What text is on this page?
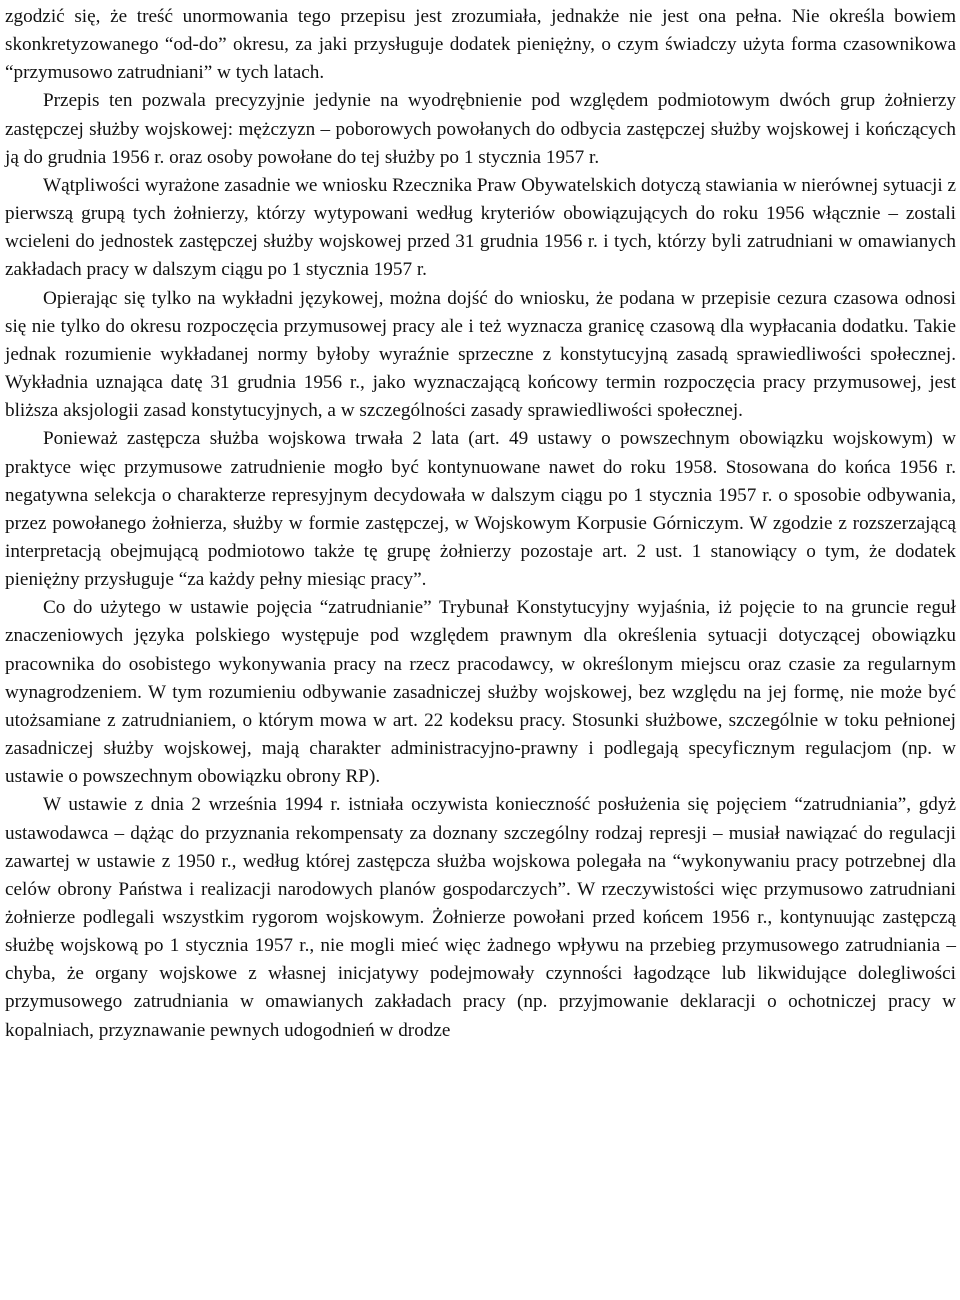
zgodzić się, że treść unormowania tego przepisu jest zrozumiała, jednakże nie jest ona pełna. Nie określa bowiem skonkretyzowanego “od-do” okresu, za jaki przysługuje dodatek pieniężny, o czym świadczy użyta forma czasownikowa “przymusowo zatrudniani” w tych latach.

Przepis ten pozwala precyzyjnie jedynie na wyodrębnienie pod względem podmiotowym dwóch grup żołnierzy zastępczej służby wojskowej: mężczyzn – poborowych powołanych do odbycia zastępczej służby wojskowej i kończących ją do grudnia 1956 r. oraz osoby powołane do tej służby po 1 stycznia 1957 r.

Wątpliwości wyrażone zasadnie we wniosku Rzecznika Praw Obywatelskich dotyczą stawiania w nierównej sytuacji z pierwszą grupą tych żołnierzy, którzy wytypowani według kryteriów obowiązujących do roku 1956 włącznie – zostali wcieleni do jednostek zastępczej służby wojskowej przed 31 grudnia 1956 r. i tych, którzy byli zatrudniani w omawianych zakładach pracy w dalszym ciągu po 1 stycznia 1957 r.

Opierając się tylko na wykładni językowej, można dojść do wniosku, że podana w przepisie cezura czasowa odnosi się nie tylko do okresu rozpoczęcia przymusowej pracy ale i też wyznacza granicę czasową dla wypłacania dodatku. Takie jednak rozumienie wykładanej normy byłoby wyraźnie sprzeczne z konstytucyjną zasadą sprawiedliwości społecznej. Wykładnia uznająca datę 31 grudnia 1956 r., jako wyznaczającą końcowy termin rozpoczęcia pracy przymusowej, jest bliższa aksjologii zasad konstytucyjnych, a w szczególności zasady sprawiedliwości społecznej.

Ponieważ zastępcza służba wojskowa trwała 2 lata (art. 49 ustawy o powszechnym obowiązku wojskowym) w praktyce więc przymusowe zatrudnienie mogło być kontynuowane nawet do roku 1958. Stosowana do końca 1956 r. negatywna selekcja o charakterze represyjnym decydowała w dalszym ciągu po 1 stycznia 1957 r. o sposobie odbywania, przez powołanego żołnierza, służby w formie zastępczej, w Wojskowym Korpusie Górniczym. W zgodzie z rozszerzającą interpretacją obejmującą podmiotowo także tę grupę żołnierzy pozostaje art. 2 ust. 1 stanowiący o tym, że dodatek pieniężny przysługuje “za każdy pełny miesiąc pracy”.

Co do użytego w ustawie pojęcia “zatrudnianie” Trybunał Konstytucyjny wyjaśnia, iż pojęcie to na gruncie reguł znaczeniowych języka polskiego występuje pod względem prawnym dla określenia sytuacji dotyczącej obowiązku pracownika do osobistego wykonywania pracy na rzecz pracodawcy, w określonym miejscu oraz czasie za regularnym wynagrodzeniem. W tym rozumieniu odbywanie zasadniczej służby wojskowej, bez względu na jej formę, nie może być utożsamiane z zatrudnianiem, o którym mowa w art. 22 kodeksu pracy. Stosunki służbowe, szczególnie w toku pełnionej zasadniczej służby wojskowej, mają charakter administracyjno-prawny i podlegają specyficznym regulacjom (np. w ustawie o powszechnym obowiązku obrony RP).

W ustawie z dnia 2 września 1994 r. istniała oczywista konieczność posłużenia się pojęciem “zatrudniania”, gdyż ustawodawca – dążąc do przyznania rekompensaty za doznany szczególny rodzaj represji – musiał nawiązać do regulacji zawartej w ustawie z 1950 r., według której zastępcza służba wojskowa polegała na “wykonywaniu pracy potrzebnej dla celów obrony Państwa i realizacji narodowych planów gospodarczych”. W rzeczywistości więc przymusowo zatrudniani żołnierze podlegali wszystkim rygorom wojskowym. Żołnierze powołani przed końcem 1956 r., kontynuując zastępczą służbę wojskową po 1 stycznia 1957 r., nie mogli mieć więc żadnego wpływu na przebieg przymusowego zatrudniania – chyba, że organy wojskowe z własnej inicjatywy podejmowały czynności łagodzące lub likwidujące dolegliwości przymusowego zatrudniania w omawianych zakładach pracy (np. przyjmowanie deklaracji o ochotniczej pracy w kopalniach, przyznawanie pewnych udogodnień w drodze
